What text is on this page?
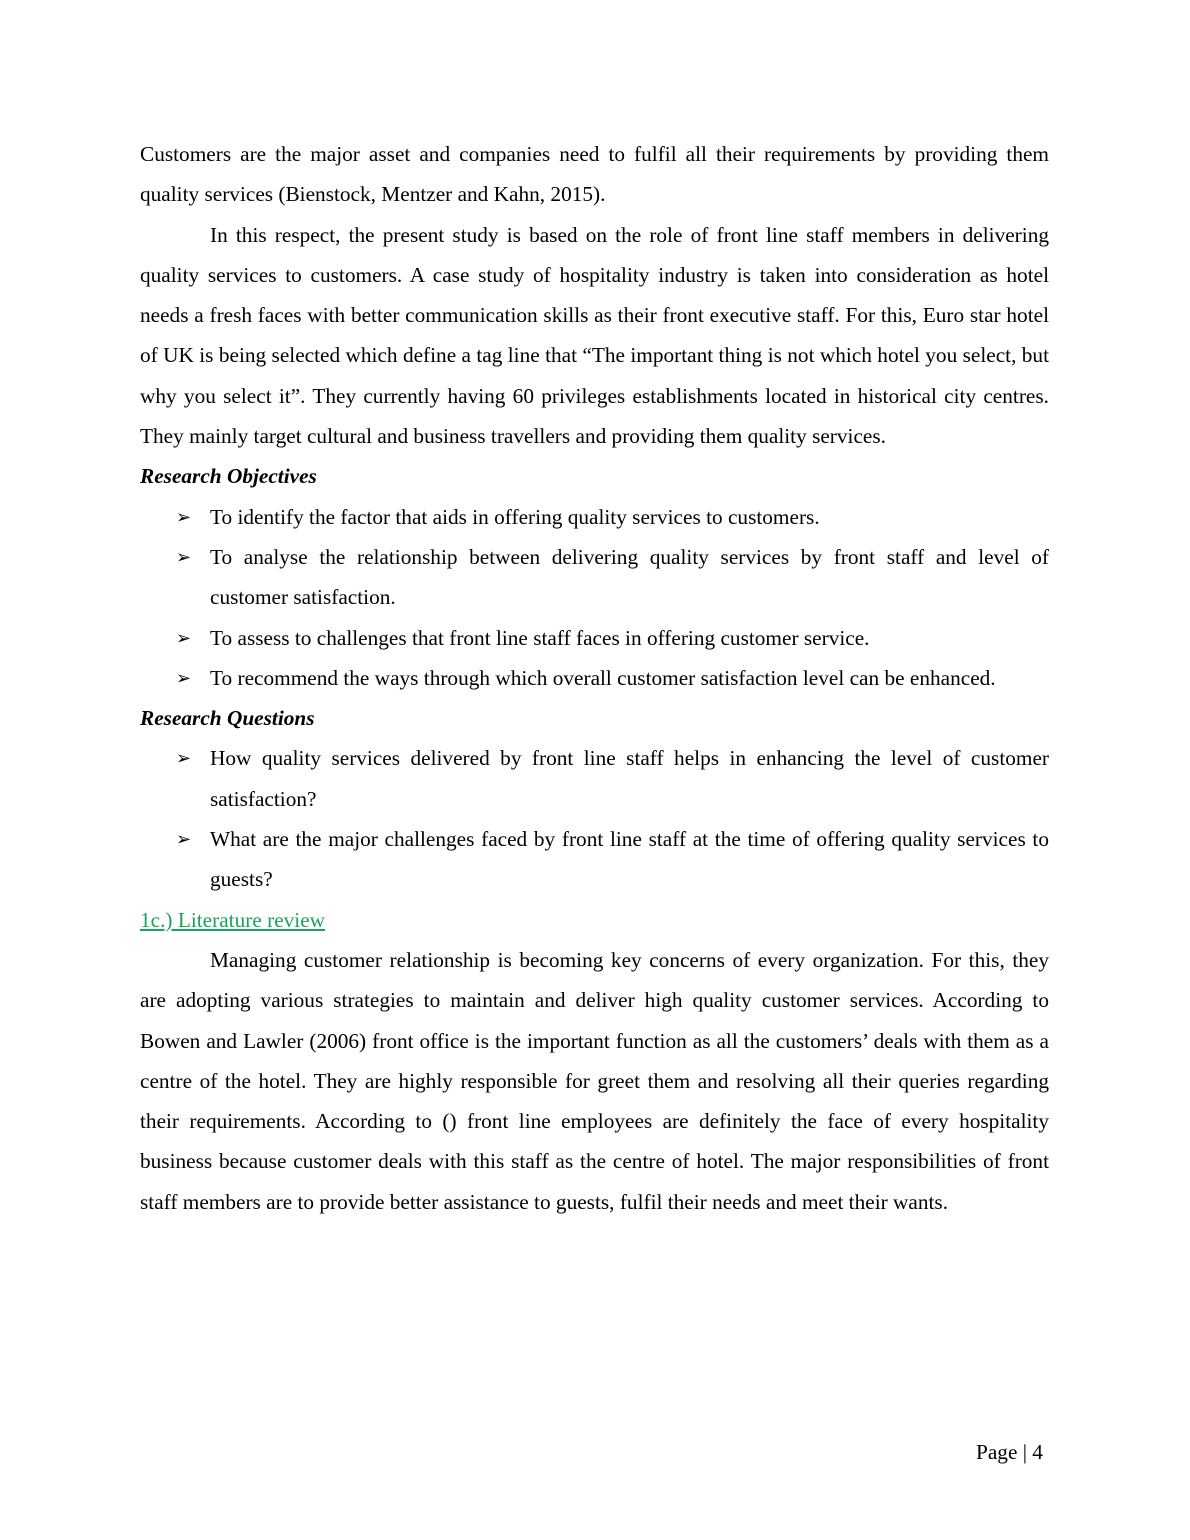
Customers are the major asset and companies need to fulfil all their requirements by providing them quality services (Bienstock, Mentzer and Kahn, 2015).

In this respect, the present study is based on the role of front line staff members in delivering quality services to customers. A case study of hospitality industry is taken into consideration as hotel needs a fresh faces with better communication skills as their front executive staff. For this, Euro star hotel of UK is being selected which define a tag line that “The important thing is not which hotel you select, but why you select it”. They currently having 60 privileges establishments located in historical city centres. They mainly target cultural and business travellers and providing them quality services.

Research Objectives
➢ To identify the factor that aids in offering quality services to customers.
➢ To analyse the relationship between delivering quality services by front staff and level of customer satisfaction.
➢ To assess to challenges that front line staff faces in offering customer service.
➢ To recommend the ways through which overall customer satisfaction level can be enhanced.
Research Questions
➢ How quality services delivered by front line staff helps in enhancing the level of customer satisfaction?
➢ What are the major challenges faced by front line staff at the time of offering quality services to guests?
1c.) Literature review

Managing customer relationship is becoming key concerns of every organization. For this, they are adopting various strategies to maintain and deliver high quality customer services. According to Bowen and Lawler (2006) front office is the important function as all the customers’ deals with them as a centre of the hotel. They are highly responsible for greet them and resolving all their queries regarding their requirements. According to () front line employees are definitely the face of every hospitality business because customer deals with this staff as the centre of hotel. The major responsibilities of front staff members are to provide better assistance to guests, fulfil their needs and meet their wants.

Page | 4
